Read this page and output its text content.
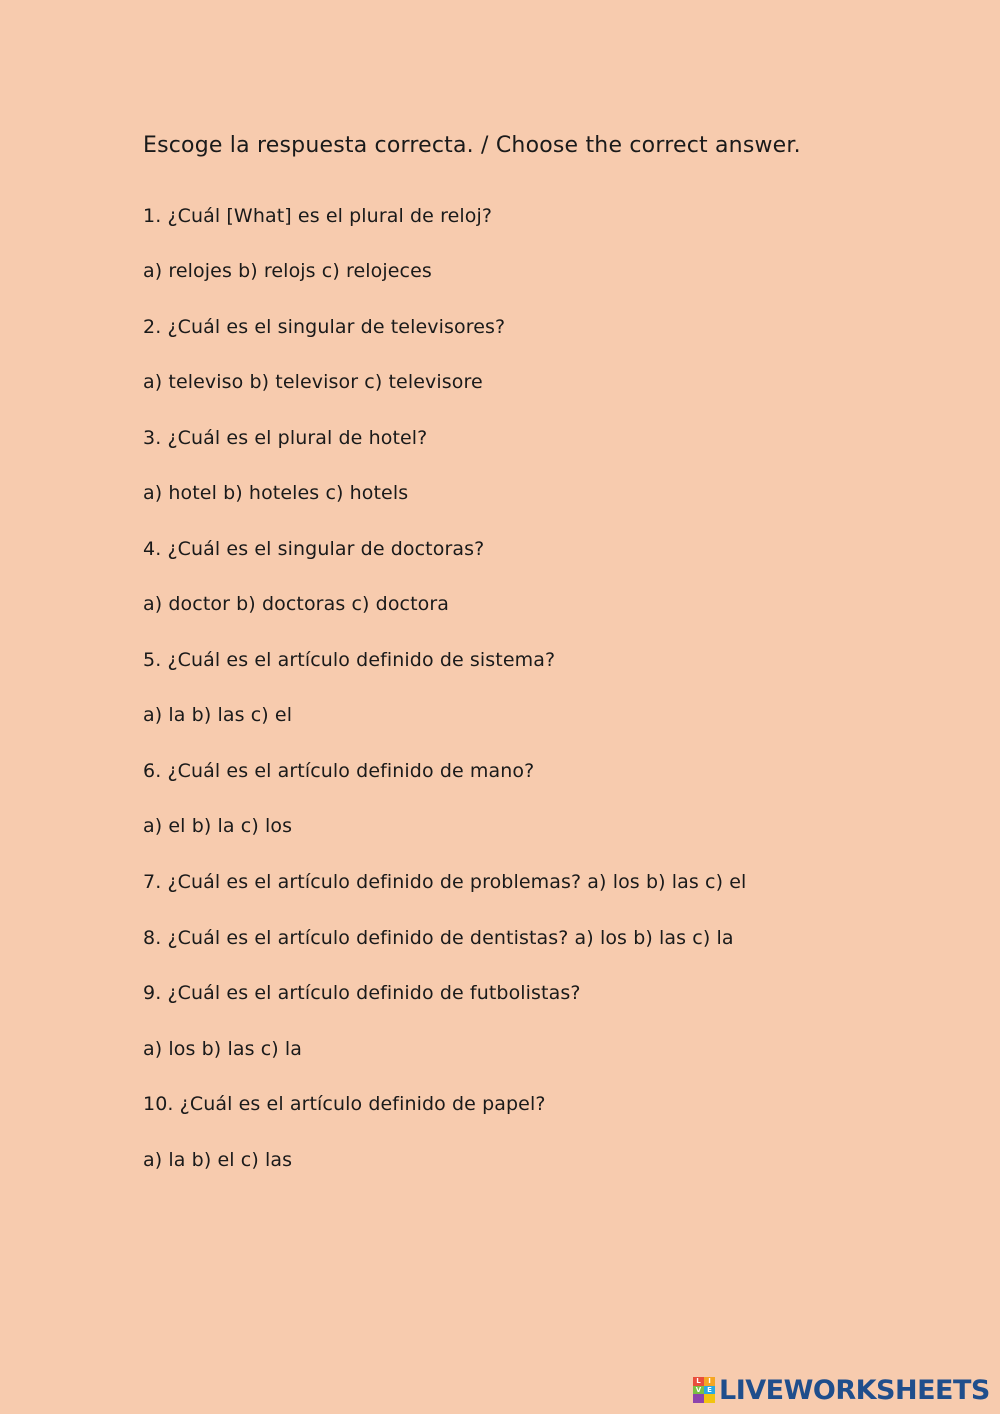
Escoge la respuesta correcta. / Choose the correct answer.
1. ¿Cuál [What] es el plural de reloj?
a) relojes b) relojs c) relojeces
2. ¿Cuál es el singular de televisores?
a) televiso b) televisor c) televisore
3. ¿Cuál es el plural de hotel?
a) hotel b) hoteles c) hotels
4. ¿Cuál es el singular de doctoras?
a) doctor b) doctoras c) doctora
5. ¿Cuál es el artículo definido de sistema?
a) la b) las c) el
6. ¿Cuál es el artículo definido de mano?
a) el b) la c) los
7. ¿Cuál es el artículo definido de problemas? a) los b) las c) el
8. ¿Cuál es el artículo definido de dentistas? a) los b) las c) la
9. ¿Cuál es el artículo definido de futbolistas?
a) los b) las c) la
10. ¿Cuál es el artículo definido de papel?
a) la b) el c) las
L	I
V E LIVEWORKSHEETS
